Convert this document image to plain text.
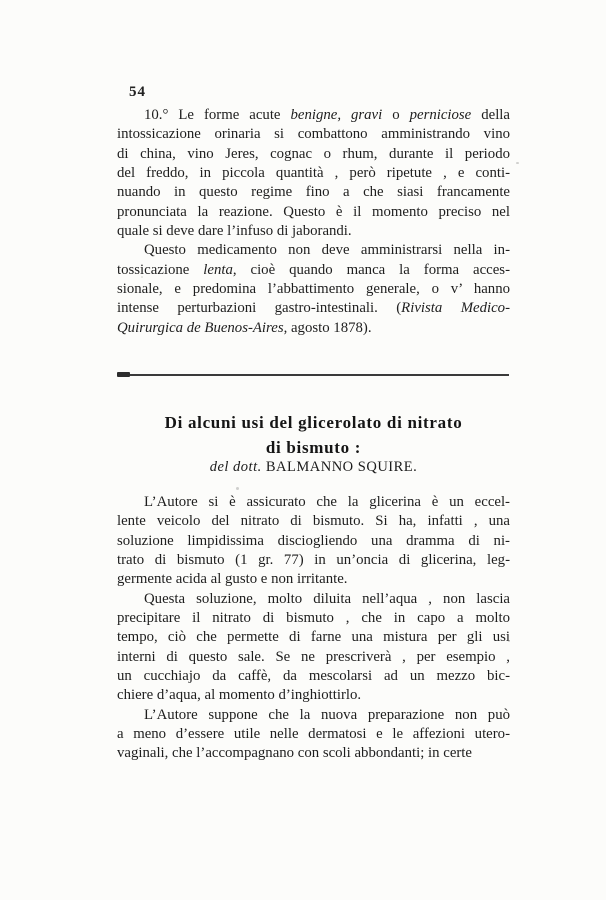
54
10.° Le forme acute benigne, gravi o perniciose della
intossicazione orinaria si combattono amministrando vino
di china, vino Jeres, cognac o rhum, durante il periodo
del freddo, in piccola quantità , però ripetute , e conti-
nuando in questo regime fino a che siasi francamente
pronunciata la reazione. Questo è il momento preciso nel
quale si deve dare l’infuso di jaborandi.
Questo medicamento non deve amministrarsi nella in-
tossicazione lenta, cioè quando manca la forma acces-
sionale, e predomina l’abbattimento generale, o v’ hanno
intense perturbazioni gastro-intestinali. (Rivista Medico-
Quirurgica de Buenos-Aires, agosto 1878).
Di alcuni usi del glicerolato di nitrato
di bismuto :
del dott. BALMANNO SQUIRE.
L’Autore si è assicurato che la glicerina è un eccel-
lente veicolo del nitrato di bismuto. Si ha, infatti , una
soluzione limpidissima disciogliendo una dramma di ni-
trato di bismuto (1 gr. 77) in un’oncia di glicerina, leg-
germente acida al gusto e non irritante.
Questa soluzione, molto diluita nell’aqua , non lascia
precipitare il nitrato di bismuto , che in capo a molto
tempo, ciò che permette di farne una mistura per gli usi
interni di questo sale. Se ne prescriverà , per esempio ,
un cucchiajo da caffè, da mescolarsi ad un mezzo bic-
chiere d’aqua, al momento d’inghiottirlo.
L’Autore suppone che la nuova preparazione non può
a meno d’essere utile nelle dermatosi e le affezioni utero-
vaginali, che l’accompagnano con scoli abbondanti; in certe
